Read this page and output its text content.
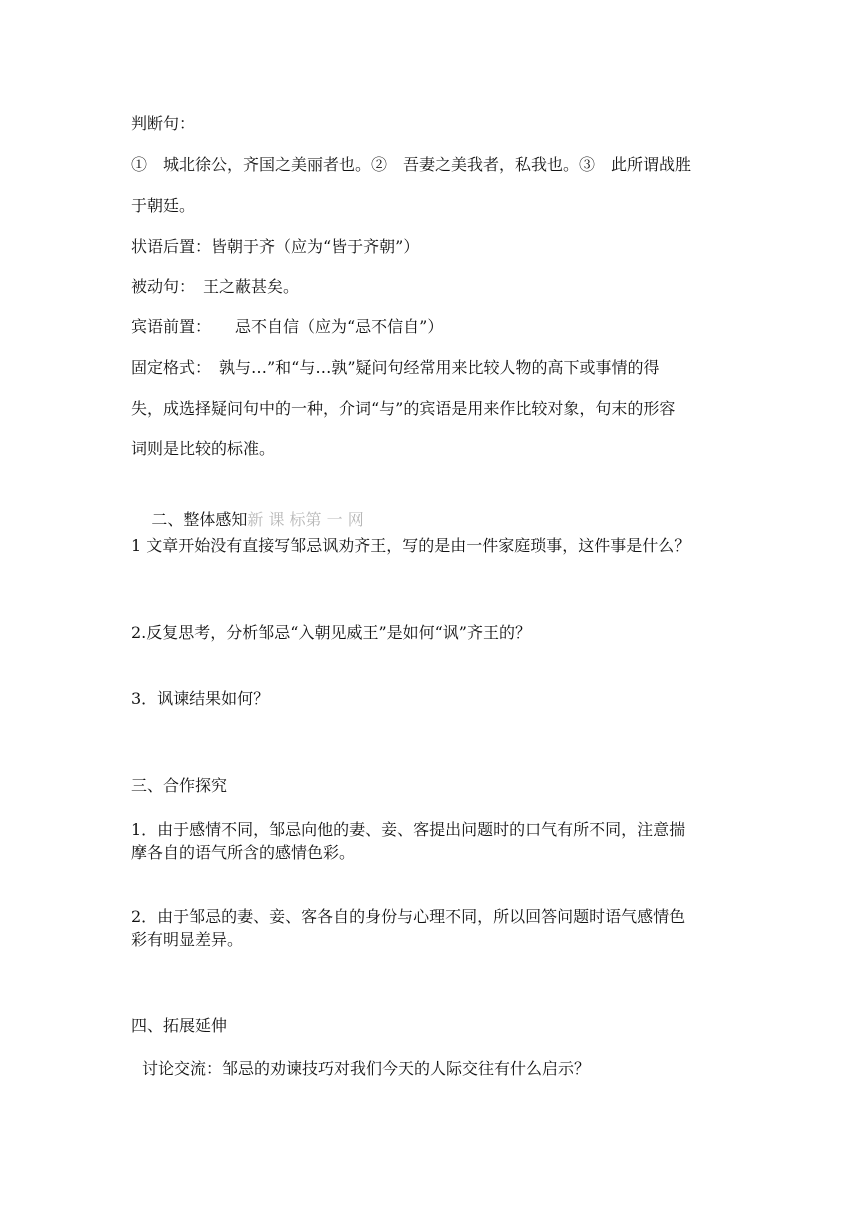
判断句：
①　城北徐公，齐国之美丽者也。②　吾妻之美我者，私我也。③　此所谓战胜
于朝廷。
状语后置：皆朝于齐（应为“皆于齐朝”）
被动句：　王之蔽甚矣。
宾语前置：　　忌不自信（应为“忌不信自”）
固定格式：　孰与…”和“与…孰”疑问句经常用来比较人物的高下或事情的得
失，成选择疑问句中的一种，介词“与”的宾语是用来作比较对象，句末的形容
词则是比较的标准。

二、整体感知新 课 标第 一 网

1 文章开始没有直接写邹忌讽劝齐王，写的是由一件家庭琐事，这件事是什么？
2.反复思考，分析邹忌“入朝见威王”是如何“讽”齐王的？
3．讽谏结果如何？
三、合作探究
1．由于感情不同，邹忌向他的妻、妾、客提出问题时的口气有所不同，注意揣
摩各自的语气所含的感情色彩。
2．由于邹忌的妻、妾、客各自的身份与心理不同，所以回答问题时语气感情色
彩有明显差异。
四、拓展延伸
讨论交流：邹忌的劝谏技巧对我们今天的人际交往有什么启示？
